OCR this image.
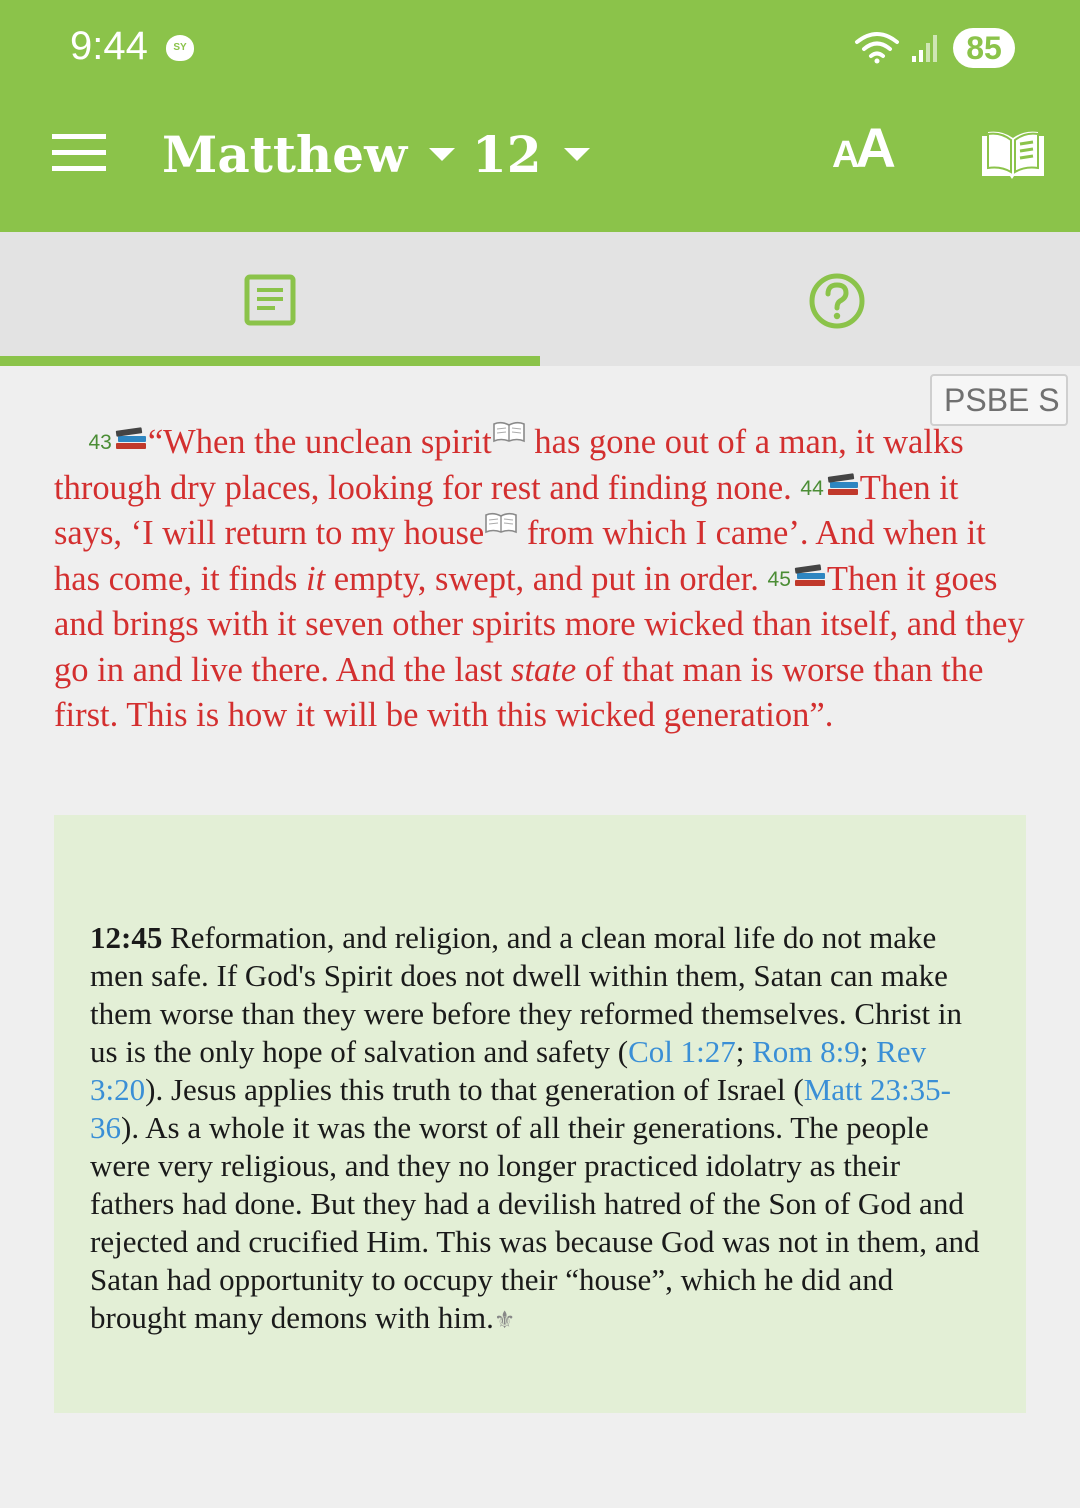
9:44	SY	85
Matthew 12	AA
PSBE S
43 “When the unclean spirit has gone out of a man, it walks through dry places, looking for rest and finding none. 44 Then it says, ‘I will return to my house from which I came’. And when it has come, it finds it empty, swept, and put in order. 45 Then it goes and brings with it seven other spirits more wicked than itself, and they go in and live there. And the last state of that man is worse than the first. This is how it will be with this wicked generation”.
12:45 Reformation, and religion, and a clean moral life do not make men safe. If God's Spirit does not dwell within them, Satan can make them worse than they were before they reformed themselves. Christ in us is the only hope of salvation and safety (Col 1:27; Rom 8:9; Rev 3:20). Jesus applies this truth to that generation of Israel (Matt 23:35-36). As a whole it was the worst of all their generations. The people were very religious, and they no longer practiced idolatry as their fathers had done. But they had a devilish hatred of the Son of God and rejected and crucified Him. This was because God was not in them, and Satan had opportunity to occupy their “house”, which he did and brought many demons with him.⚜
